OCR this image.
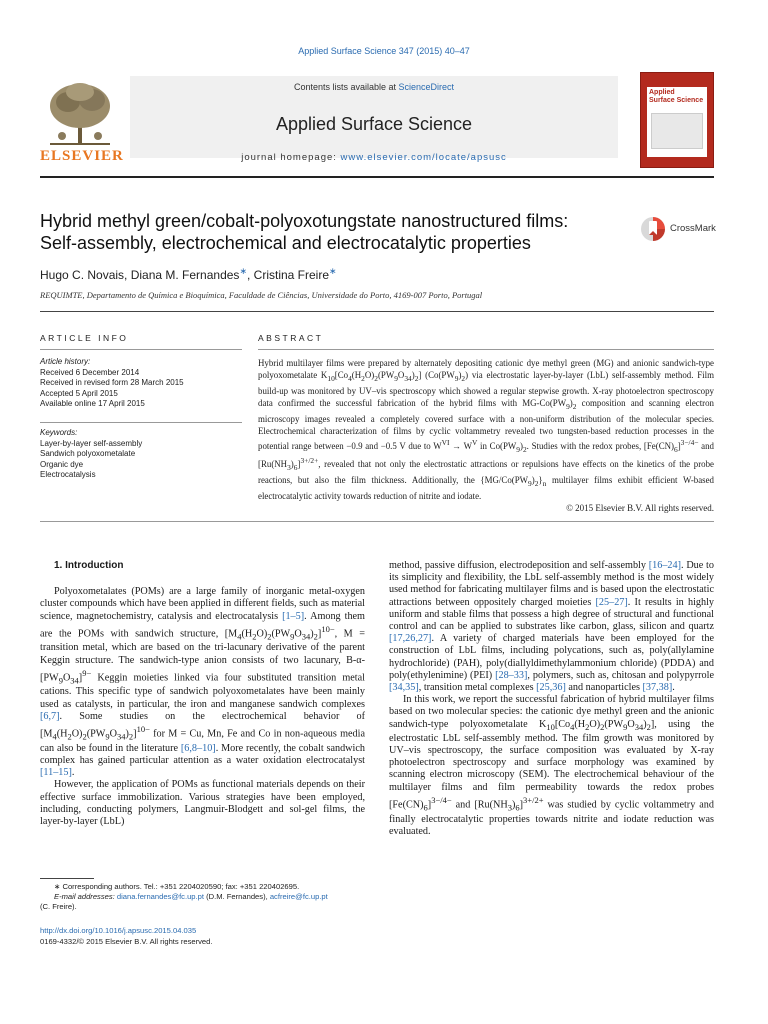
Applied Surface Science 347 (2015) 40–47
ELSEVIER
Contents lists available at ScienceDirect
Applied Surface Science
journal homepage: www.elsevier.com/locate/apsusc
Applied
Surface Science
Hybrid methyl green/cobalt-polyoxotungstate nanostructured films:
Self-assembly, electrochemical and electrocatalytic properties
CrossMark
Hugo C. Novais, Diana M. Fernandes∗, Cristina Freire∗
REQUIMTE, Departamento de Química e Bioquímica, Faculdade de Ciências, Universidade do Porto, 4169-007 Porto, Portugal
ARTICLE INFO	ABSTRACT
Article history:
Received 6 December 2014
Received in revised form 28 March 2015
Accepted 5 April 2015
Available online 17 April 2015
Keywords:
Layer-by-layer self-assembly
Sandwich polyoxometalate
Organic dye
Electrocatalysis
Hybrid multilayer films were prepared by alternately depositing cationic dye methyl green (MG) and anionic sandwich-type polyoxometalate $K_{10}[Co_4(H_2O)_2(PW_9O_{34})_2]$ $(Co(PW_9)_2)$ via electrostatic layer-by-layer (LbL) self-assembly method. Film build-up was monitored by UV–vis spectroscopy which showed a regular stepwise growth. X-ray photoelectron spectroscopy data confirmed the successful fabrication of the hybrid films with $MG-Co(PW_9)_2$ composition and scanning electron microscopy images revealed a completely covered surface with a non-uniform distribution of the molecular species. Electrochemical characterization of films by cyclic voltammetry revealed two tungsten-based reduction processes in the potential range between −0.9 and −0.5 V due to $W^{VI} \to W^V$ in $Co(PW_9)_2$. Studies with the redox probes, $[Fe(CN)_6]^{3-/4-}$ and $[Ru(NH_3)_6]^{3+/2+}$, revealed that not only the electrostatic attractions or repulsions have effects on the kinetics of the probe reactions, but also the film thickness. Additionally, the $\{MG/Co(PW_9)_2\}_n$ multilayer films exhibit efficient W-based electrocatalytic activity towards reduction of nitrite and iodate.
© 2015 Elsevier B.V. All rights reserved.

1. Introduction

Polyoxometalates (POMs) are a large family of inorganic metal-oxygen cluster compounds which have been applied in different fields, such as material science, magnetochemistry, catalysis and electrocatalysis [1–5]. Among them are the POMs with sandwich structure, $[M_4(H_2O)_2(PW_9O_{34})_2]^{10-}$, M = transition metal, which are based on the tri-lacunary derivative of the parent Keggin structure. The sandwich-type anion consists of two lacunary, $B-\alpha-[PW_9O_{34}]^{9-}$ Keggin moieties linked via four substituted transition metal cations. This specific type of sandwich polyoxometalates have been mainly used as catalysts, in particular, the iron and manganese sandwich complexes [6,7]. Some studies on the electrochemical behavior of $[M_4(H_2O)_2(PW_9O_{34})_2]^{10-}$ for M = Cu, Mn, Fe and Co in non-aqueous media can also be found in the literature [6,8–10]. More recently, the cobalt sandwich complex has gained particular attention as a water oxidation electrocatalyst [11–15].

However, the application of POMs as functional materials depends on their effective surface immobilization. Various strategies have been employed, including, conducting polymers, Langmuir-Blodgett and sol-gel films, the layer-by-layer (LbL)

method, passive diffusion, electrodeposition and self-assembly [16–24]. Due to its simplicity and flexibility, the LbL self-assembly method is the most widely used method for fabricating multilayer films and is based upon the electrostatic attractions between oppositely charged moieties [25–27]. It results in highly uniform and stable films that possess a high degree of structural and functional control and can be applied to substrates like carbon, glass, silicon and quartz [17,26,27]. A variety of charged materials have been employed for the construction of LbL films, including polycations, such as, poly(allylamine hydrochloride) (PAH), poly(diallyldimethylammonium chloride) (PDDA) and poly(ethylenimine) (PEI) [28–33], polymers, such as, chitosan and polypyrrole [34,35], transition metal complexes [25,36] and nanoparticles [37,38].

In this work, we report the successful fabrication of hybrid multilayer films based on two molecular species: the cationic dye methyl green and the anionic sandwich-type polyoxometalate $K_{10}[Co_4(H_2O)_2(PW_9O_{34})_2]$, using the electrostatic LbL self-assembly method. The film growth was monitored by UV–vis spectroscopy, the surface composition was evaluated by X-ray photoelectron spectroscopy and surface morphology was examined by scanning electron microscopy (SEM). The electrochemical behaviour of the multilayer films and film permeability towards the redox probes $[Fe(CN)_6]^{3-/4-}$ and $[Ru(NH_3)_6]^{3+/2+}$ was studied by cyclic voltammetry and finally electrocatalytic properties towards nitrite and iodate reduction was evaluated.

∗ Corresponding authors. Tel.: +351 2204020590; fax: +351 220402695.
E-mail addresses: diana.fernandes@fc.up.pt (D.M. Fernandes), acfreire@fc.up.pt
(C. Freire).
http://dx.doi.org/10.1016/j.apsusc.2015.04.035
0169-4332/© 2015 Elsevier B.V. All rights reserved.
